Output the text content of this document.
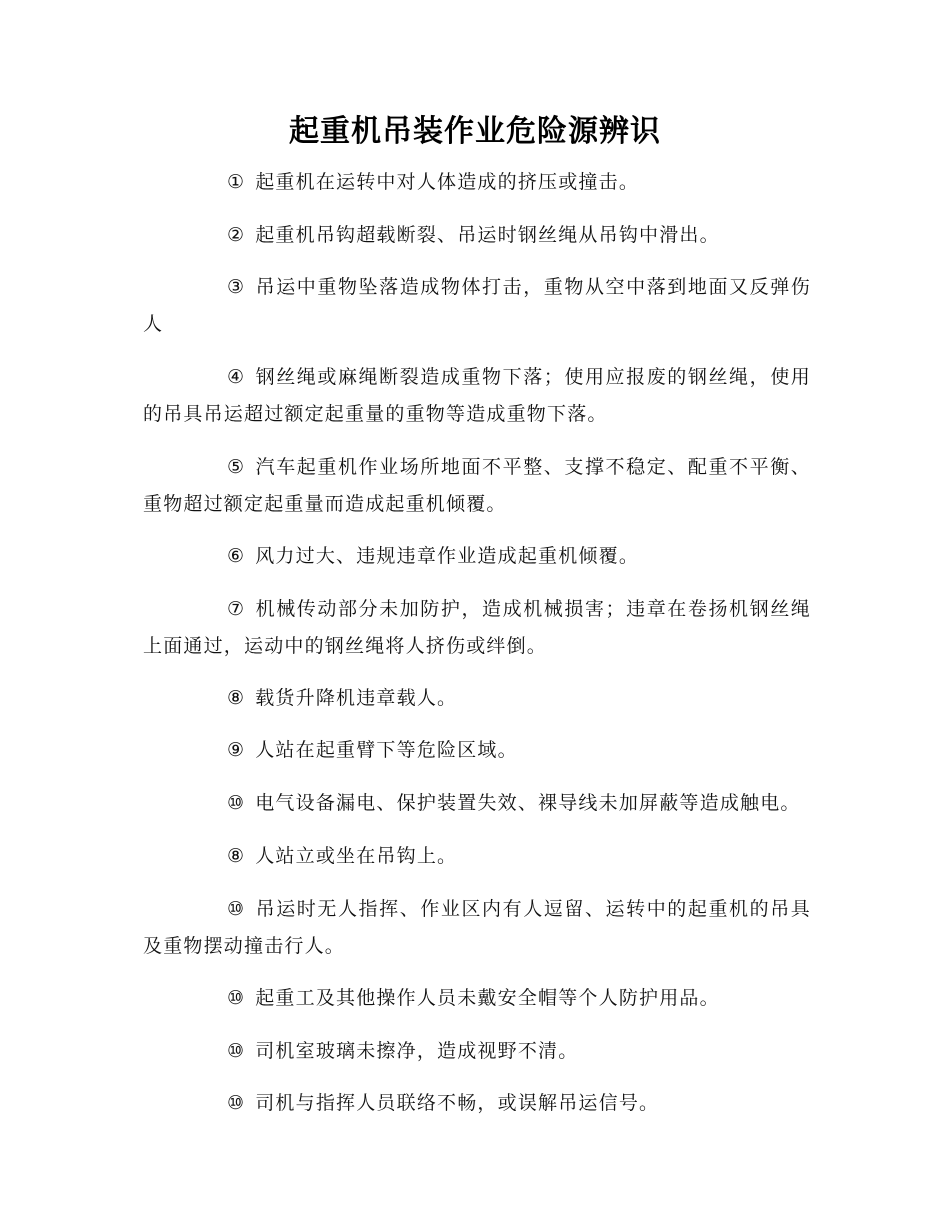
起重机吊装作业危险源辨识
① 起重机在运转中对人体造成的挤压或撞击。
② 起重机吊钩超载断裂、吊运时钢丝绳从吊钩中滑出。
③ 吊运中重物坠落造成物体打击，重物从空中落到地面又反弹伤人
④ 钢丝绳或麻绳断裂造成重物下落；使用应报废的钢丝绳，使用的吊具吊运超过额定起重量的重物等造成重物下落。
⑤ 汽车起重机作业场所地面不平整、支撑不稳定、配重不平衡、重物超过额定起重量而造成起重机倾覆。
⑥ 风力过大、违规违章作业造成起重机倾覆。
⑦ 机械传动部分未加防护，造成机械损害；违章在卷扬机钢丝绳上面通过，运动中的钢丝绳将人挤伤或绊倒。
⑧ 载货升降机违章载人。
⑨ 人站在起重臂下等危险区域。
⑩ 电气设备漏电、保护装置失效、裸导线未加屏蔽等造成触电。
⑧ 人站立或坐在吊钩上。
⑩ 吊运时无人指挥、作业区内有人逗留、运转中的起重机的吊具及重物摆动撞击行人。
⑩ 起重工及其他操作人员未戴安全帽等个人防护用品。
⑩ 司机室玻璃未擦净，造成视野不清。
⑩ 司机与指挥人员联络不畅，或误解吊运信号。
